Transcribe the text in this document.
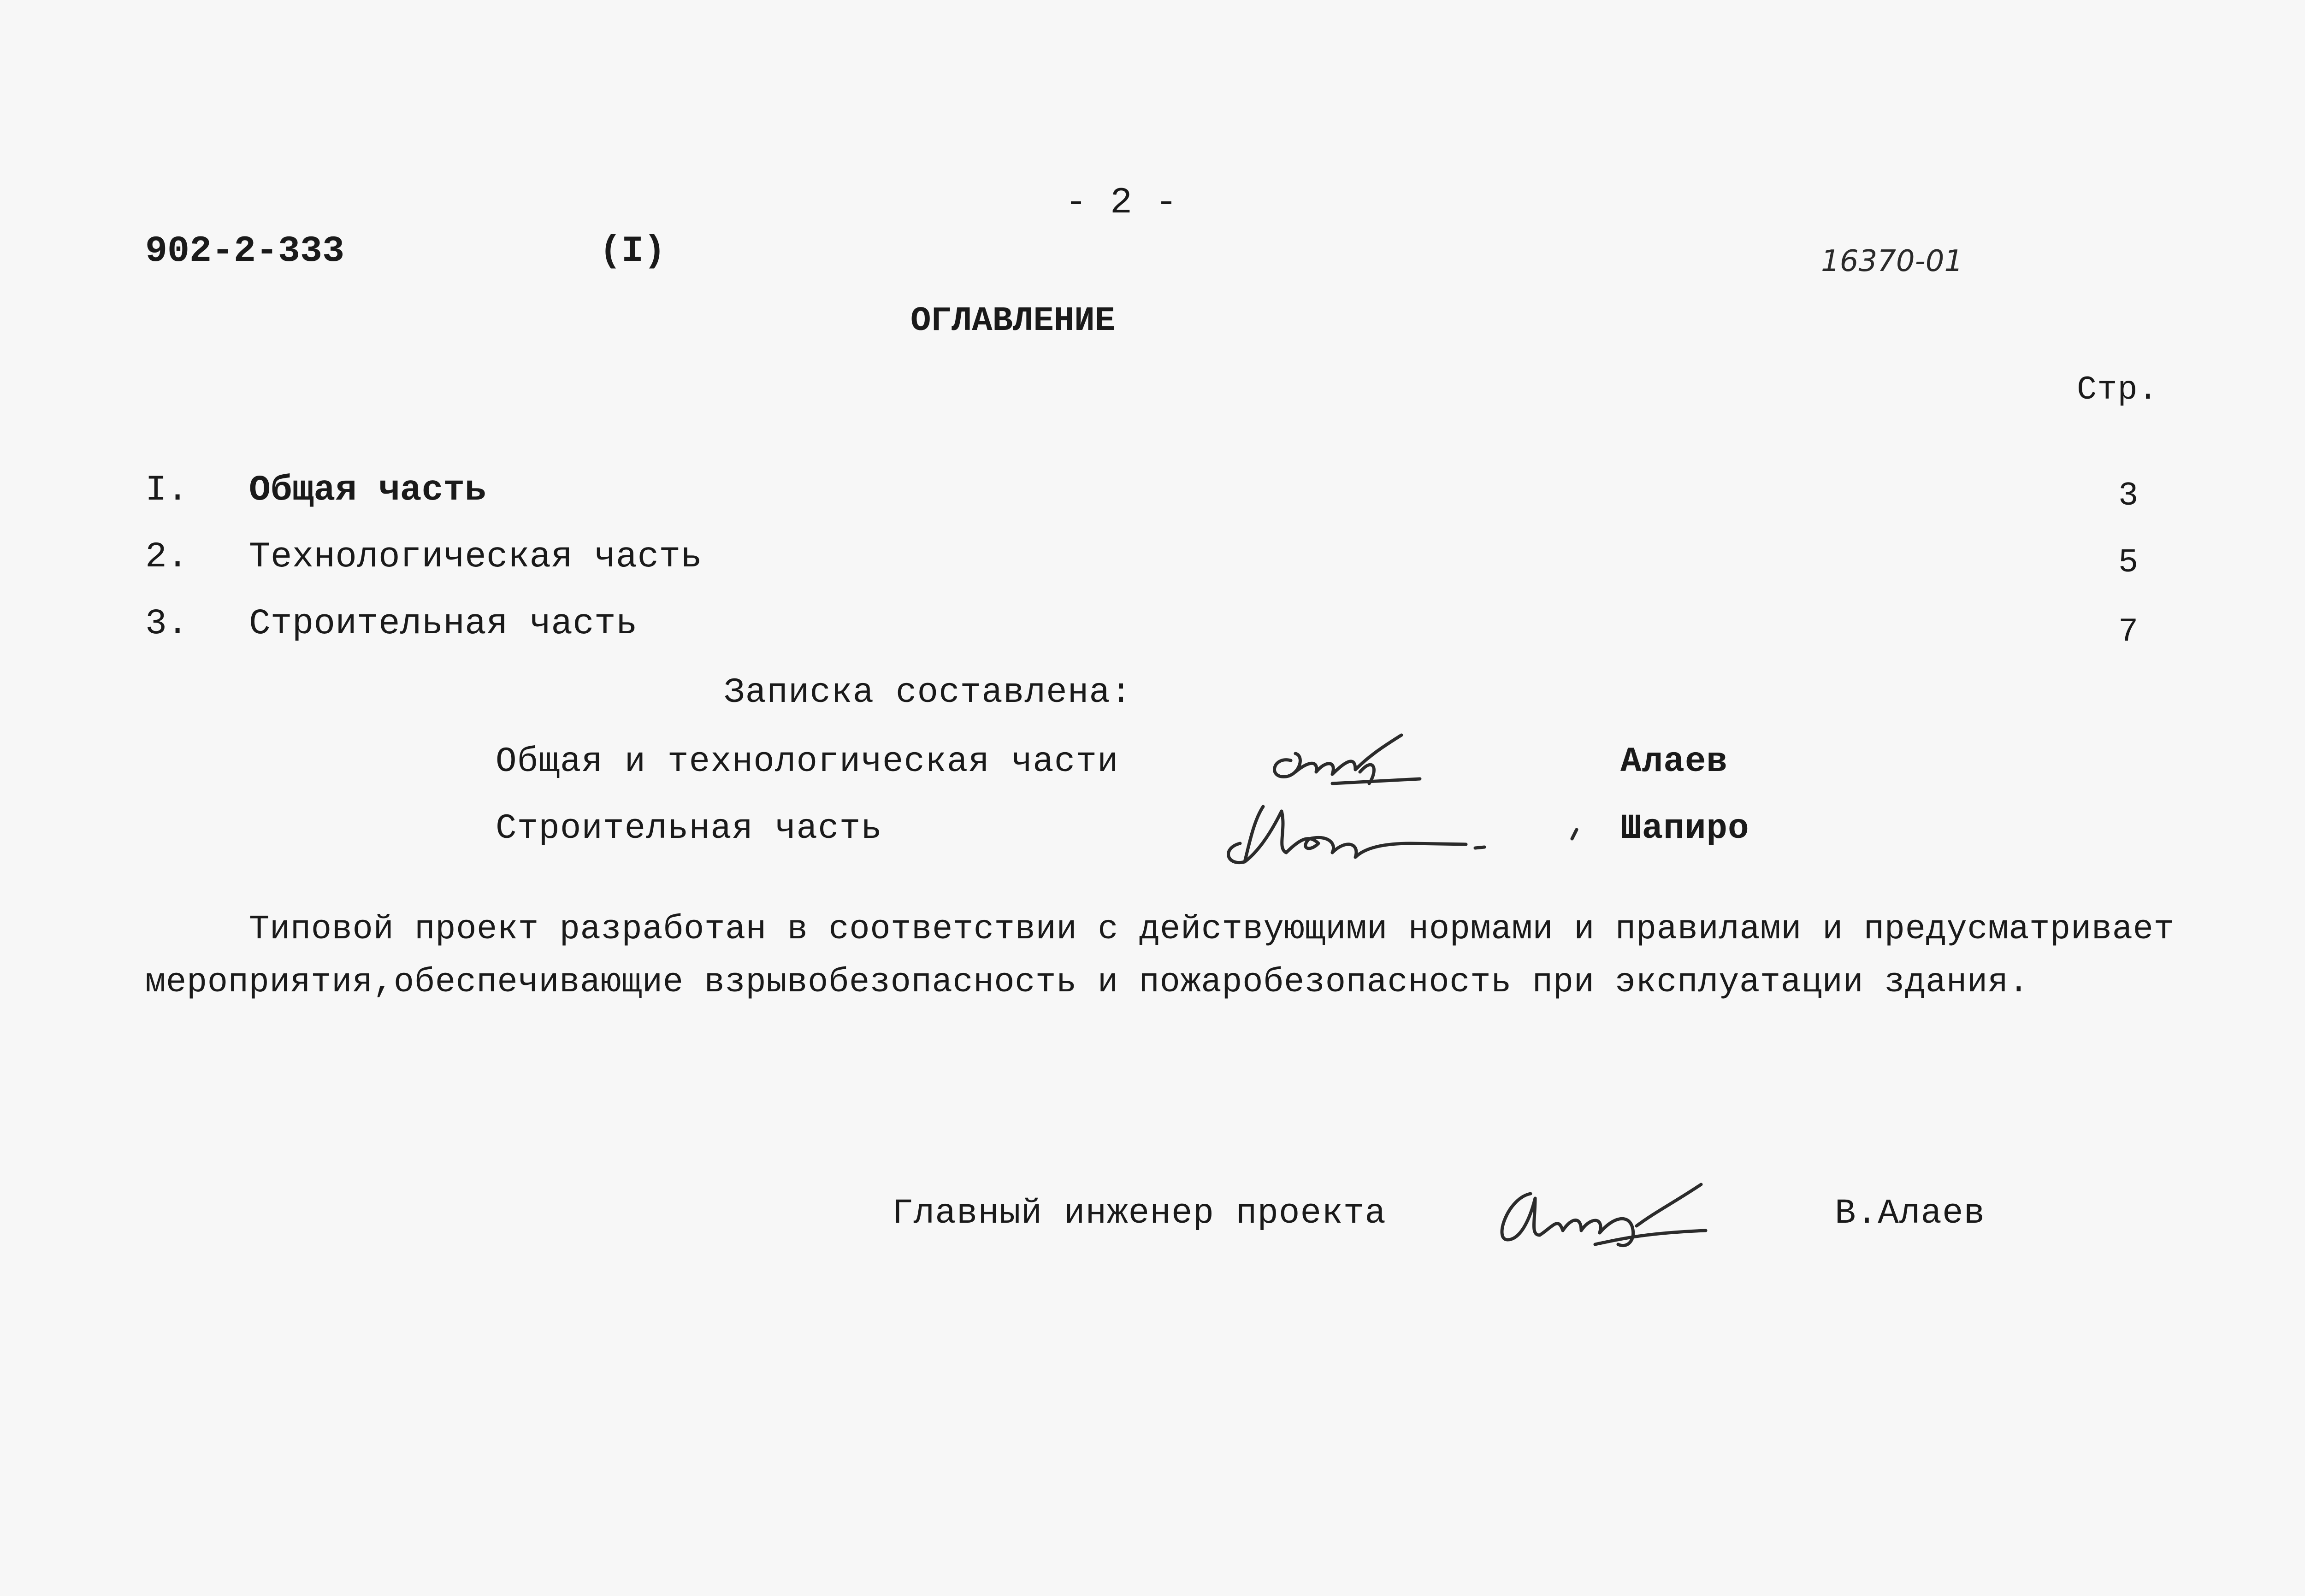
- 2 -
902-2-333	(I)	16370-01
ОГЛАВЛЕНИЕ
Стр.
I. Общая часть	3
2. Технологическая часть	5
3. Строительная часть	7
Записка составлена:
Общая и технологическая части	Алаев
Строительная часть	Шапиро
Типовой проект разработан в соответствии с действующими нормами и правилами и предусматривает
мероприятия,обеспечивающие взрывобезопасность и пожаробезопасность при эксплуатации здания.
Главный инженер проекта	В.Алаев
